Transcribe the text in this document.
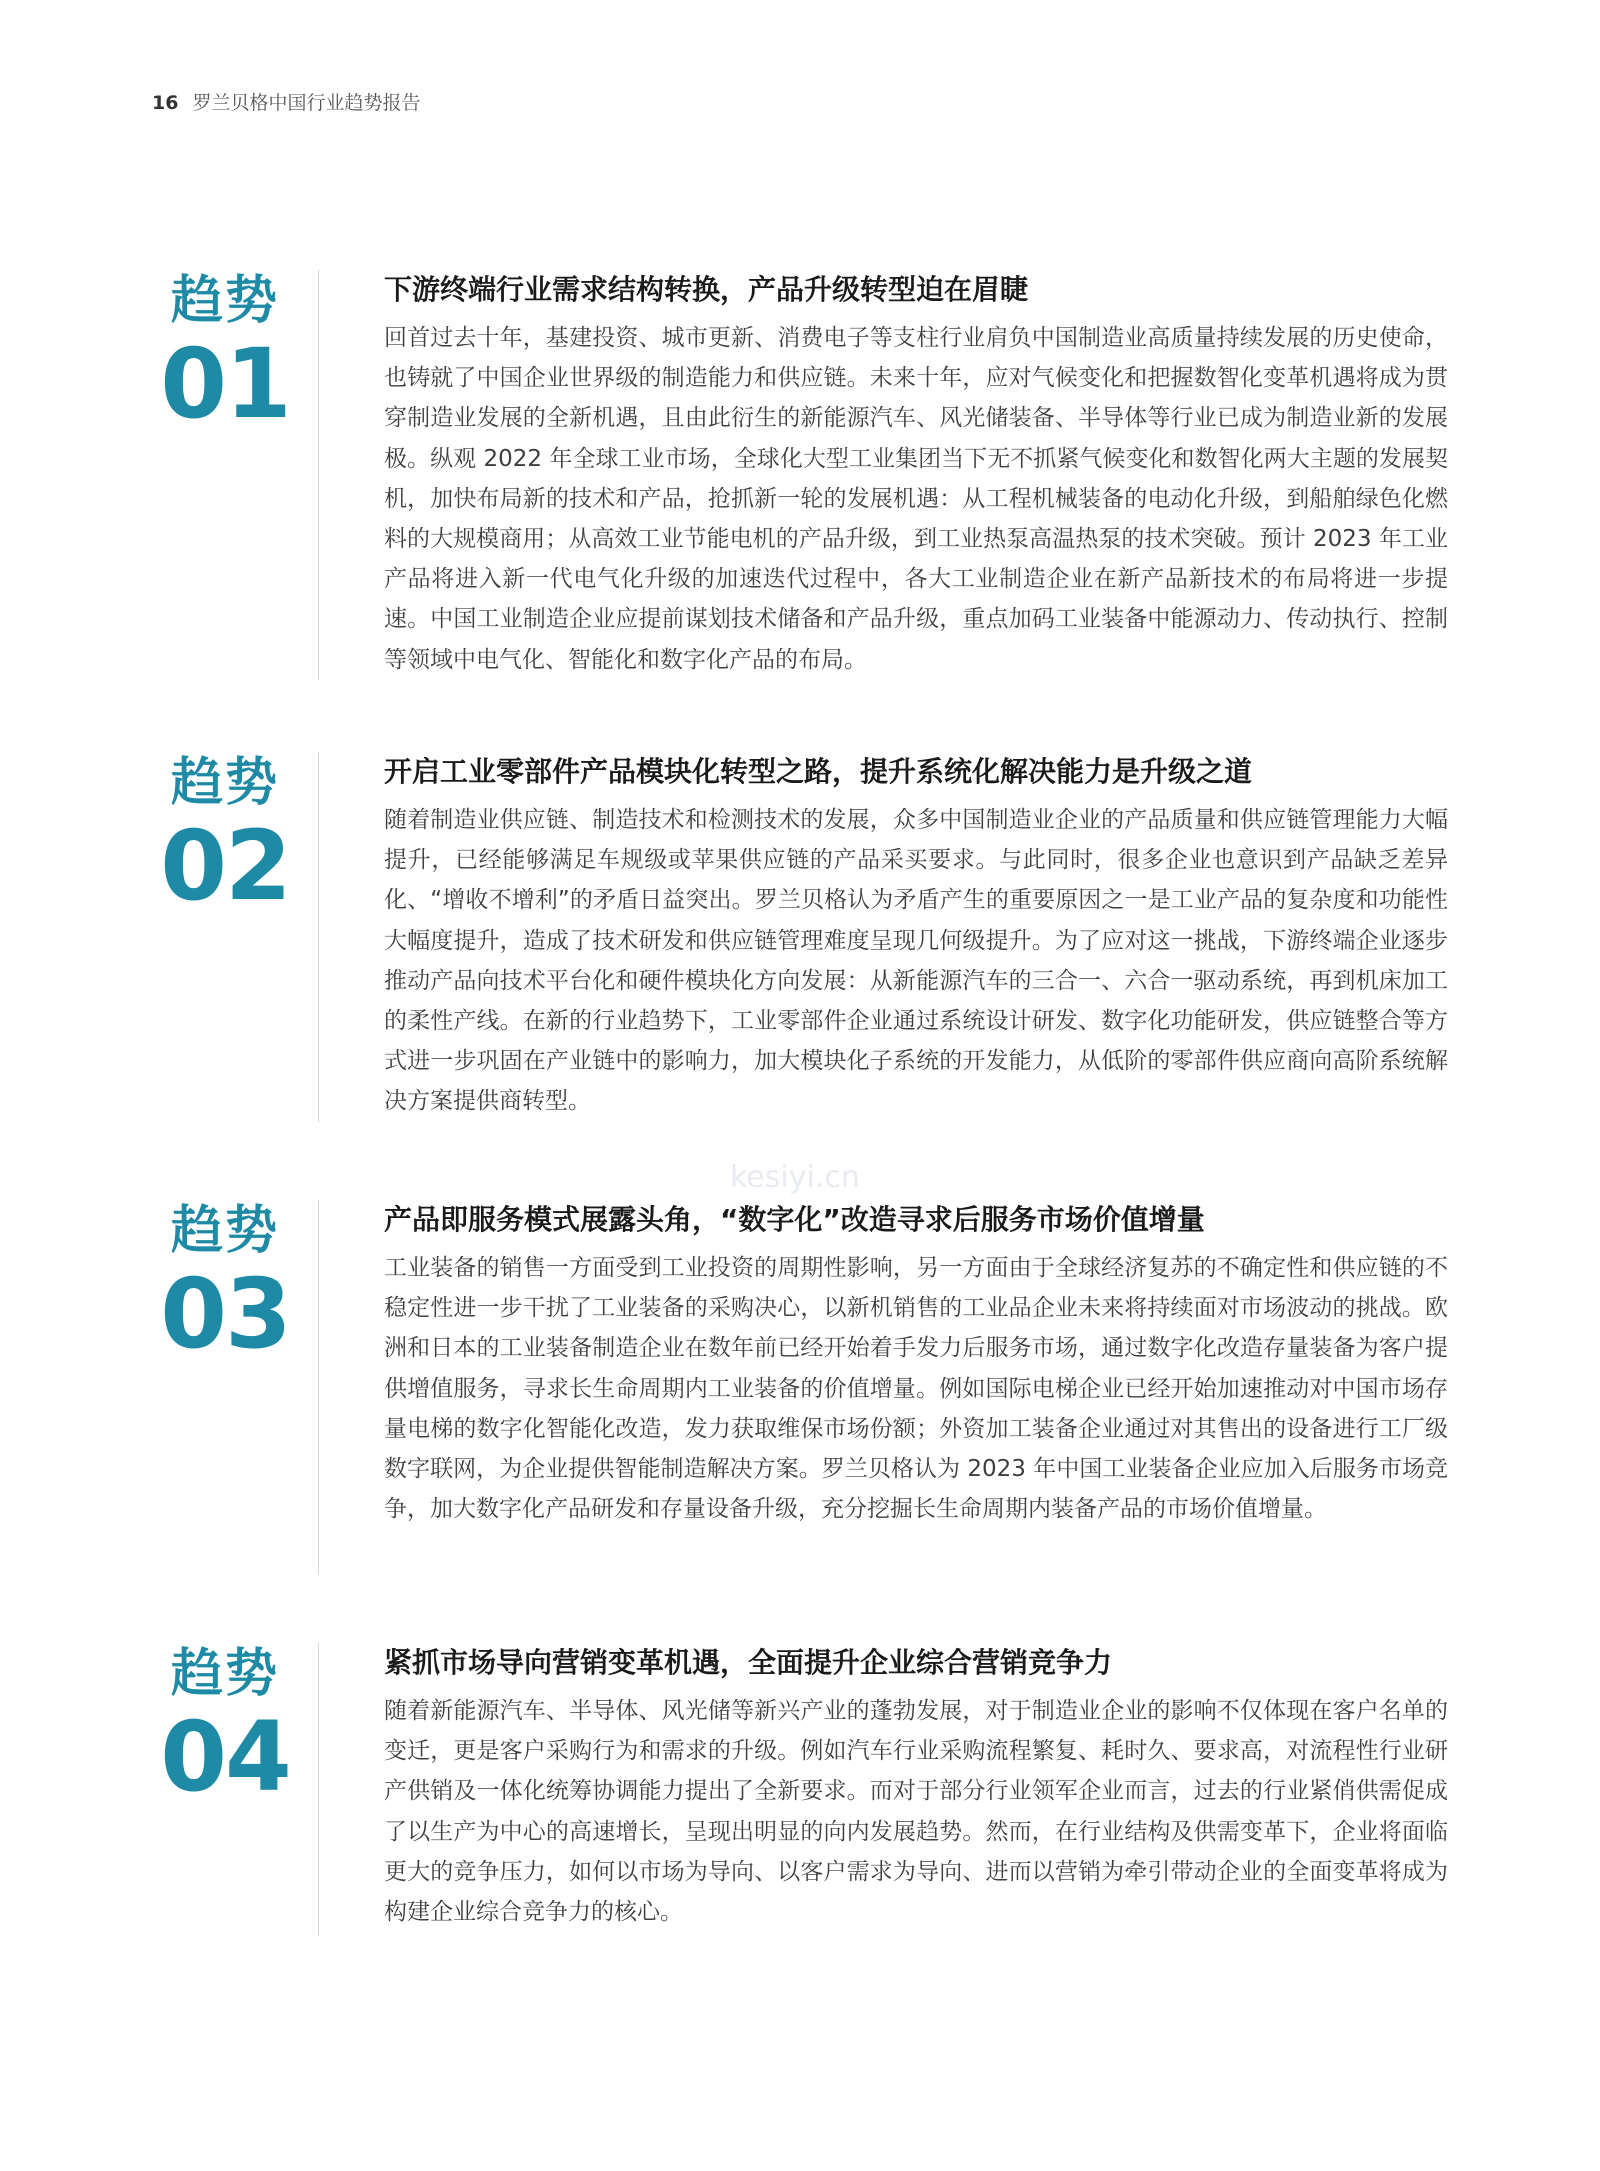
16 罗兰贝格中国行业趋势报告
趋势
01
下游终端行业需求结构转换，产品升级转型迫在眉睫

回首过去十年，基建投资、城市更新、消费电子等支柱行业肩负中国制造业高质量持续发展的历史使命，也铸就了中国企业世界级的制造能力和供应链。未来十年，应对气候变化和把握数智化变革机遇将成为贯穿制造业发展的全新机遇，且由此衍生的新能源汽车、风光储装备、半导体等行业已成为制造业新的发展极。纵观 2022 年全球工业市场，全球化大型工业集团当下无不抓紧气候变化和数智化两大主题的发展契机，加快布局新的技术和产品，抢抓新一轮的发展机遇：从工程机械装备的电动化升级，到船舶绿色化燃料的大规模商用；从高效工业节能电机的产品升级，到工业热泵高温热泵的技术突破。预计 2023 年工业产品将进入新一代电气化升级的加速迭代过程中，各大工业制造企业在新产品新技术的布局将进一步提速。中国工业制造企业应提前谋划技术储备和产品升级，重点加码工业装备中能源动力、传动执行、控制等领域中电气化、智能化和数字化产品的布局。

趋势
02
开启工业零部件产品模块化转型之路，提升系统化解决能力是升级之道

随着制造业供应链、制造技术和检测技术的发展，众多中国制造业企业的产品质量和供应链管理能力大幅提升，已经能够满足车规级或苹果供应链的产品采买要求。与此同时，很多企业也意识到产品缺乏差异化、“增收不增利”的矛盾日益突出。罗兰贝格认为矛盾产生的重要原因之一是工业产品的复杂度和功能性大幅度提升，造成了技术研发和供应链管理难度呈现几何级提升。为了应对这一挑战，下游终端企业逐步推动产品向技术平台化和硬件模块化方向发展：从新能源汽车的三合一、六合一驱动系统，再到机床加工的柔性产线。在新的行业趋势下，工业零部件企业通过系统设计研发、数字化功能研发，供应链整合等方式进一步巩固在产业链中的影响力，加大模块化子系统的开发能力，从低阶的零部件供应商向高阶系统解决方案提供商转型。

趋势
03
产品即服务模式展露头角，“数字化”改造寻求后服务市场价值增量

工业装备的销售一方面受到工业投资的周期性影响，另一方面由于全球经济复苏的不确定性和供应链的不稳定性进一步干扰了工业装备的采购决心，以新机销售的工业品企业未来将持续面对市场波动的挑战。欧洲和日本的工业装备制造企业在数年前已经开始着手发力后服务市场，通过数字化改造存量装备为客户提供增值服务，寻求长生命周期内工业装备的价值增量。例如国际电梯企业已经开始加速推动对中国市场存量电梯的数字化智能化改造，发力获取维保市场份额；外资加工装备企业通过对其售出的设备进行工厂级数字联网，为企业提供智能制造解决方案。罗兰贝格认为 2023 年中国工业装备企业应加入后服务市场竞争，加大数字化产品研发和存量设备升级，充分挖掘长生命周期内装备产品的市场价值增量。

趋势
04
紧抓市场导向营销变革机遇，全面提升企业综合营销竞争力

随着新能源汽车、半导体、风光储等新兴产业的蓬勃发展，对于制造业企业的影响不仅体现在客户名单的变迁，更是客户采购行为和需求的升级。例如汽车行业采购流程繁复、耗时久、要求高，对流程性行业研产供销及一体化统筹协调能力提出了全新要求。而对于部分行业领军企业而言，过去的行业紧俏供需促成了以生产为中心的高速增长，呈现出明显的向内发展趋势。然而，在行业结构及供需变革下，企业将面临更大的竞争压力，如何以市场为导向、以客户需求为导向、进而以营销为牵引带动企业的全面变革将成为构建企业综合竞争力的核心。

kesiyi.cn
